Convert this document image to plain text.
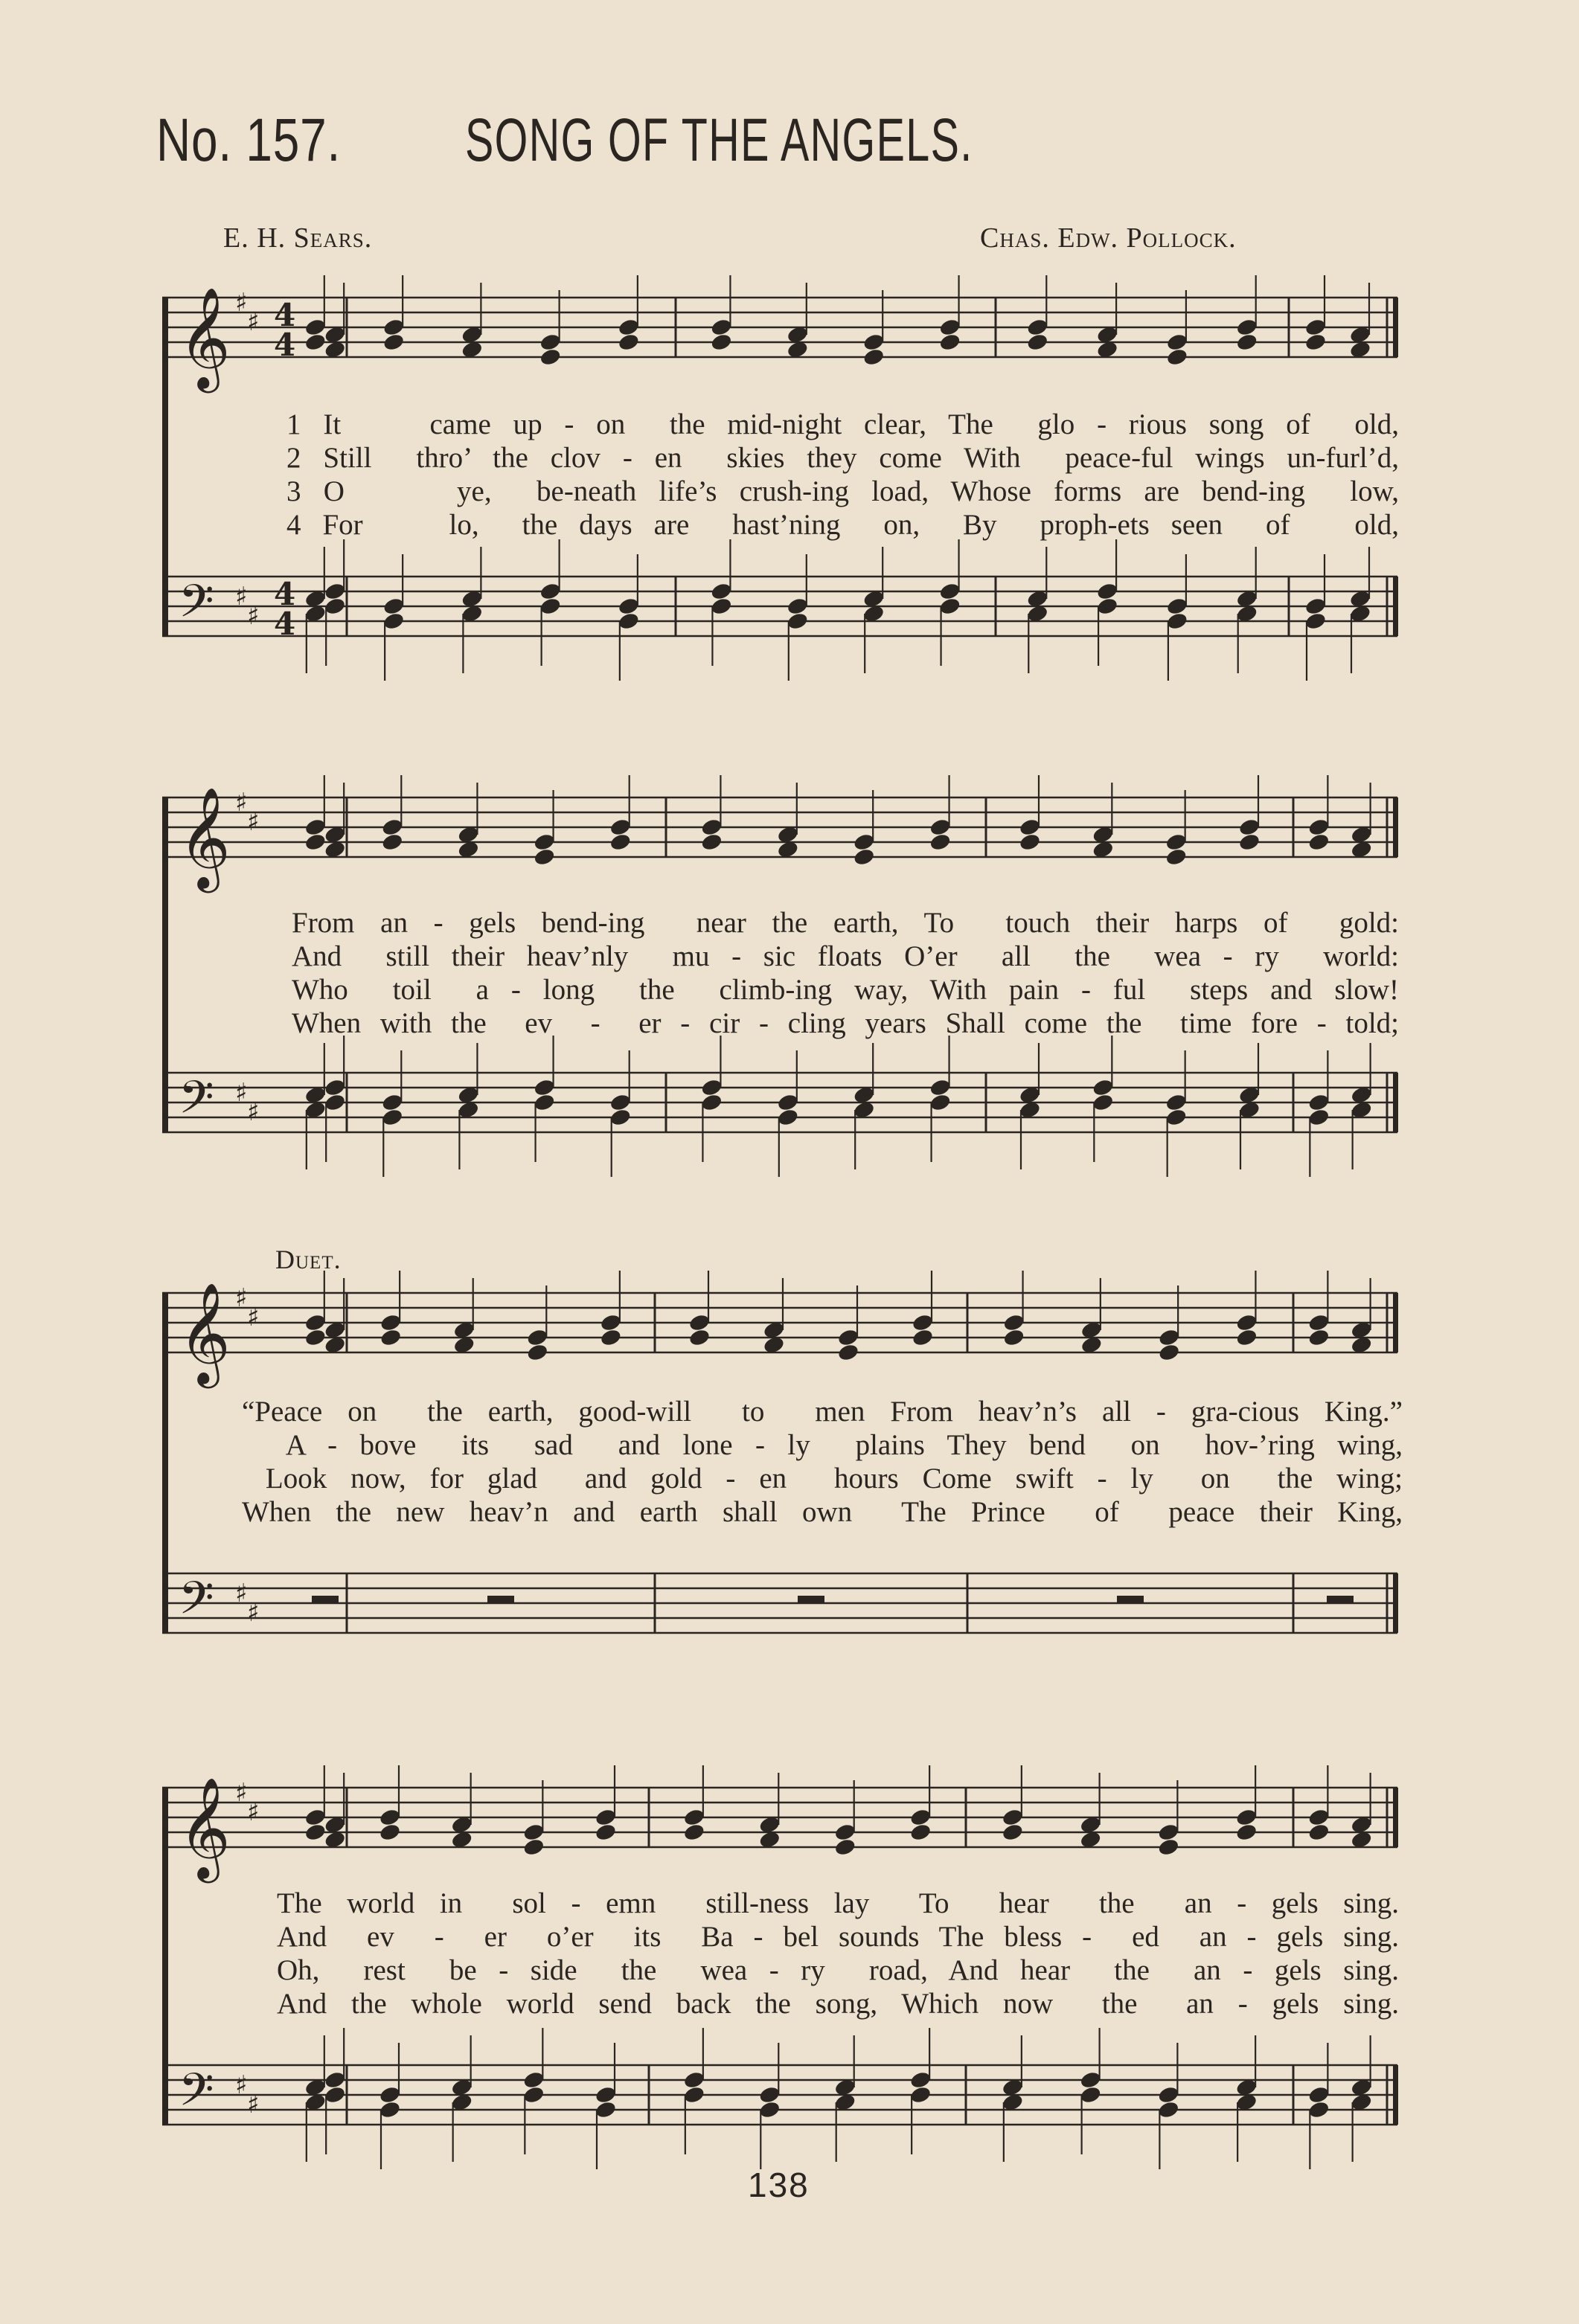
No. 157. SONG OF THE ANGELS.
E. H. Sears.	Chas. Edw. Pollock.
Duet.
𝄞 ♯
♯ 4
4
𝄢 ♯
♯
4
4
𝄞 ♯
♯
𝄢 ♯
♯
𝄞 ♯
♯
𝄢 ♯
♯
𝄞 ♯
♯
𝄢 ♯
♯
1 It    came up - on  the mid-night clear, The  glo - rious song of  old,
2 Still  thro’ the clov - en  skies they come With  peace-ful wings un-furl’d,
3 O     ye,  be-neath life’s crush-ing load, Whose forms are bend-ing  low,
4 For    lo,  the days are  hast’ning  on,  By  proph-ets seen  of   old,
From an - gels bend-ing  near the earth, To  touch their harps of  gold:
And  still their heav’nly  mu - sic floats O’er  all  the  wea - ry  world:
Who  toil  a - long  the  climb-ing way, With pain - ful  steps and slow!
When with the  ev  -  er - cir - cling years Shall come the  time fore - told;
“Peace on  the earth, good-will  to  men From heav’n’s all - gra-cious King.”
A - bove  its  sad  and lone - ly  plains They bend  on  hov-’ring wing,
Look now, for glad  and gold - en  hours Come swift - ly  on  the wing;
When the new heav’n and earth shall own  The Prince  of  peace their King,
The world in  sol - emn  still-ness lay  To  hear  the  an - gels sing.
And  ev  -  er  o’er  its  Ba - bel sounds The bless -  ed  an - gels sing.
Oh,  rest  be - side  the  wea - ry  road, And hear  the  an - gels sing.
And the whole world send back the song, Which now  the  an - gels sing.
138
